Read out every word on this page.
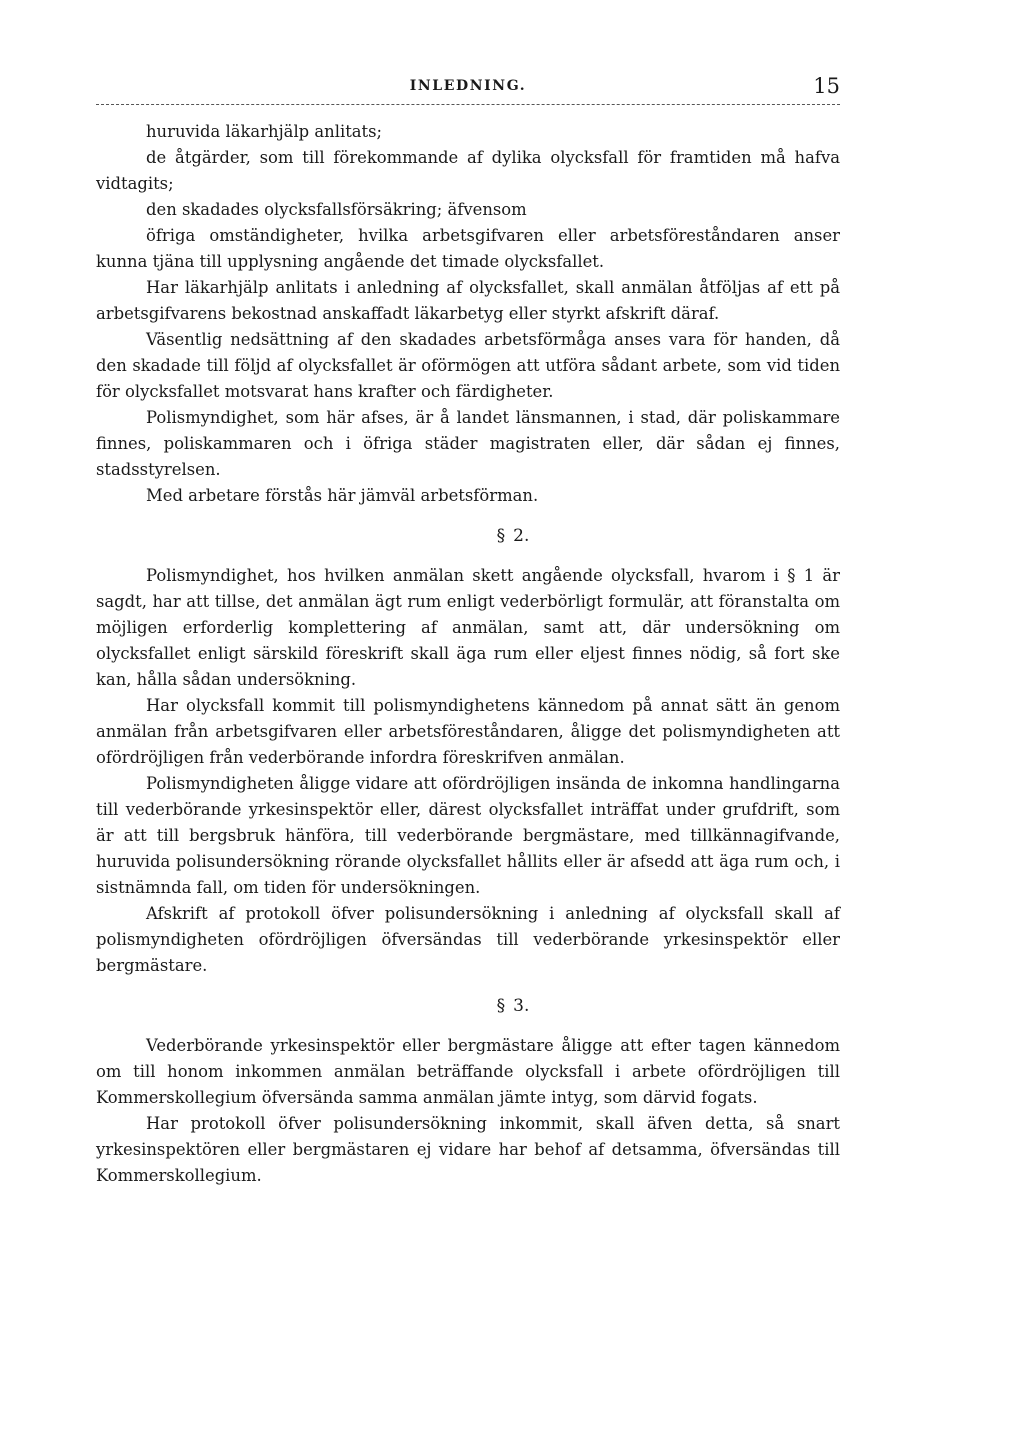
INLEDNING.	15

huruvida läkarhjälp anlitats;

de åtgärder, som till förekommande af dylika olycksfall för framtiden må hafva vidtagits;

den skadades olycksfallsförsäkring; äfvensom

öfriga omständigheter, hvilka arbetsgifvaren eller arbetsföreståndaren anser kunna tjäna till upplysning angående det timade olycksfallet.

Har läkarhjälp anlitats i anledning af olycksfallet, skall anmälan åtföljas af ett på arbetsgifvarens bekostnad anskaffadt läkarbetyg eller styrkt afskrift däraf.

Väsentlig nedsättning af den skadades arbetsförmåga anses vara för handen, då den skadade till följd af olycksfallet är oförmögen att utföra sådant arbete, som vid tiden för olycksfallet motsvarat hans krafter och färdigheter.

Polismyndighet, som här afses, är å landet länsmannen, i stad, där poliskammare finnes, poliskammaren och i öfriga städer magistraten eller, där sådan ej finnes, stadsstyrelsen.

Med arbetare förstås här jämväl arbetsförman.

§ 2.

Polismyndighet, hos hvilken anmälan skett angående olycksfall, hvarom i § 1 är sagdt, har att tillse, det anmälan ägt rum enligt vederbörligt formulär, att föranstalta om möjligen erforderlig komplettering af anmälan, samt att, där undersökning om olycksfallet enligt särskild föreskrift skall äga rum eller eljest finnes nödig, så fort ske kan, hålla sådan undersökning.

Har olycksfall kommit till polismyndighetens kännedom på annat sätt än genom anmälan från arbetsgifvaren eller arbetsföreståndaren, åligge det polismyndigheten att ofördröjligen från vederbörande infordra föreskrifven anmälan.

Polismyndigheten åligge vidare att ofördröjligen insända de inkomna handlingarna till vederbörande yrkesinspektör eller, därest olycksfallet inträffat under grufdrift, som är att till bergsbruk hänföra, till vederbörande bergmästare, med tillkännagifvande, huruvida polisundersökning rörande olycksfallet hållits eller är afsedd att äga rum och, i sistnämnda fall, om tiden för undersökningen.

Afskrift af protokoll öfver polisundersökning i anledning af olycksfall skall af polismyndigheten ofördröjligen öfversändas till vederbörande yrkesinspektör eller bergmästare.

§ 3.

Vederbörande yrkesinspektör eller bergmästare åligge att efter tagen kännedom om till honom inkommen anmälan beträffande olycksfall i arbete ofördröjligen till Kommerskollegium öfversända samma anmälan jämte intyg, som därvid fogats.

Har protokoll öfver polisundersökning inkommit, skall äfven detta, så snart yrkesinspektören eller bergmästaren ej vidare har behof af detsamma, öfversändas till Kommerskollegium.
